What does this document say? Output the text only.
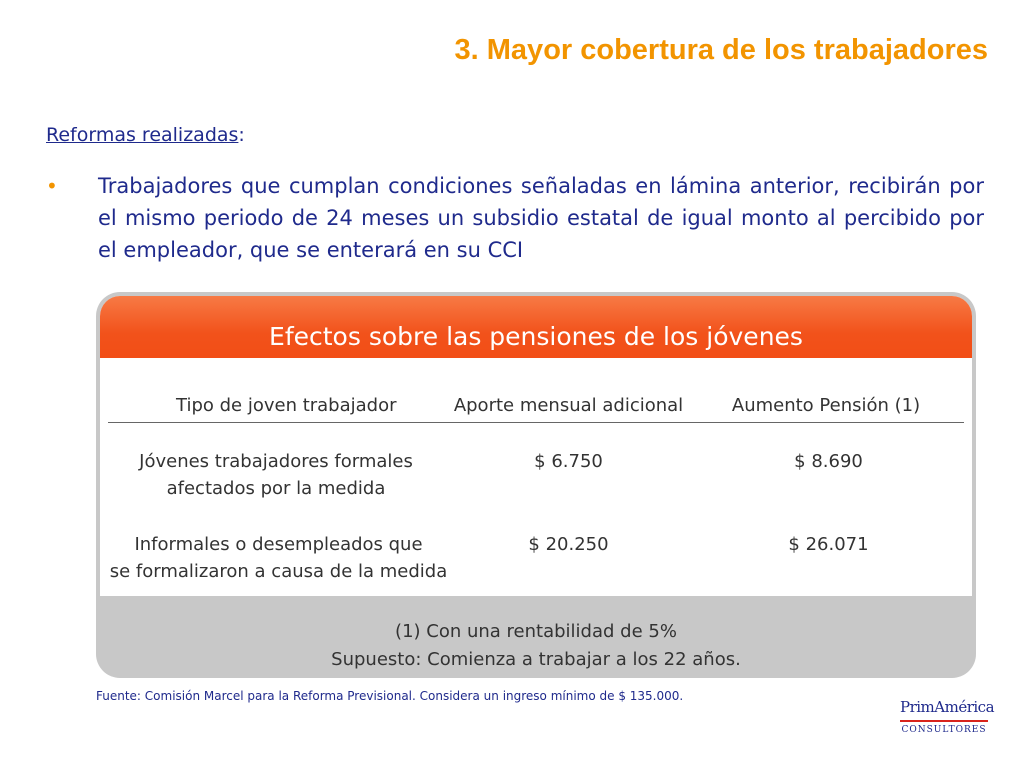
3. Mayor cobertura de los trabajadores
Reformas realizadas:
• Trabajadores que cumplan condiciones señaladas en lámina anterior, recibirán por el mismo periodo de 24 meses un subsidio estatal de igual monto al percibido por el empleador, que se enterará en su CCI
Efectos sobre las pensiones de los jóvenes
Tipo de joven trabajador	Aporte mensual adicional	Aumento Pensión (1)
Jóvenes trabajadores formales
afectados por la medida
$ 6.750	$ 8.690
Informales o desempleados que
se formalizaron a causa de la medida
$ 20.250	$ 26.071
(1) Con una rentabilidad de 5%
Supuesto: Comienza a trabajar a los 22 años.
Fuente: Comisión Marcel para la Reforma Previsional. Considera un ingreso mínimo de $ 135.000.
PrimAmérica
CONSULTORES
